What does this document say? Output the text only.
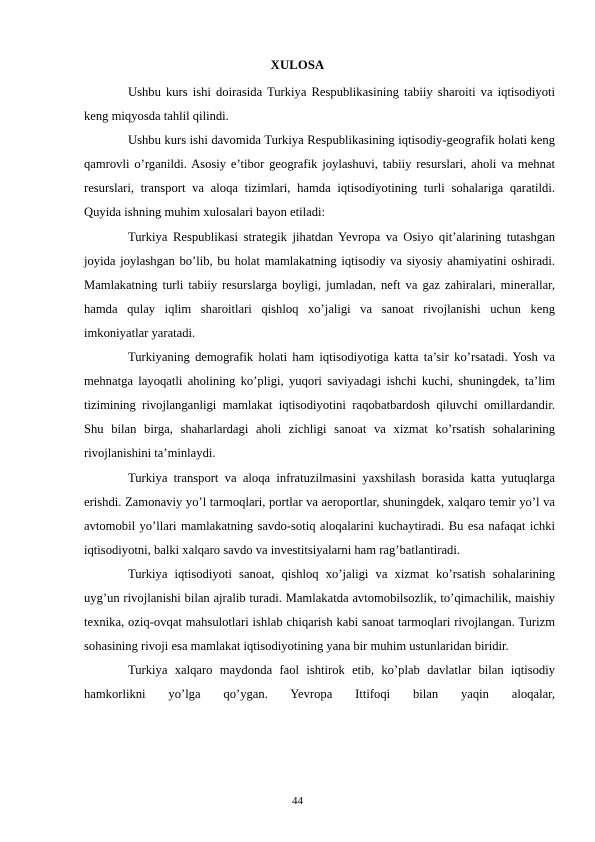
XULOSA

Ushbu kurs ishi doirasida Turkiya Respublikasining tabiiy sharoiti va iqtisodiyoti keng miqyosda tahlil qilindi.

Ushbu kurs ishi davomida Turkiya Respublikasining iqtisodiy-geografik holati keng qamrovli o’rganildi. Asosiy e’tibor geografik joylashuvi, tabiiy resurslari, aholi va mehnat resurslari, transport va aloqa tizimlari, hamda iqtisodiyotining turli sohalariga qaratildi. Quyida ishning muhim xulosalari bayon etiladi:

Turkiya Respublikasi strategik jihatdan Yevropa va Osiyo qit’alarining tutashgan joyida joylashgan bo’lib, bu holat mamlakatning iqtisodiy va siyosiy ahamiyatini oshiradi. Mamlakatning turli tabiiy resurslarga boyligi, jumladan, neft va gaz zahiralari, minerallar, hamda qulay iqlim sharoitlari qishloq xo’jaligi va sanoat rivojlanishi uchun keng imkoniyatlar yaratadi.

Turkiyaning demografik holati ham iqtisodiyotiga katta ta’sir ko’rsatadi. Yosh va mehnatga layoqatli aholining ko’pligi, yuqori saviyadagi ishchi kuchi, shuningdek, ta’lim tizimining rivojlanganligi mamlakat iqtisodiyotini raqobatbardosh qiluvchi omillardandir. Shu bilan birga, shaharlardagi aholi zichligi sanoat va xizmat ko’rsatish sohalarining rivojlanishini ta’minlaydi.

Turkiya transport va aloqa infratuzilmasini yaxshilash borasida katta yutuqlarga erishdi. Zamonaviy yo’l tarmoqlari, portlar va aeroportlar, shuningdek, xalqaro temir yo’l va avtomobil yo’llari mamlakatning savdo-sotiq aloqalarini kuchaytiradi. Bu esa nafaqat ichki iqtisodiyotni, balki xalqaro savdo va investitsiyalarni ham rag’batlantiradi.

Turkiya iqtisodiyoti sanoat, qishloq xo’jaligi va xizmat ko’rsatish sohalarining uyg’un rivojlanishi bilan ajralib turadi. Mamlakatda avtomobilsozlik, to’qimachilik, maishiy texnika, oziq-ovqat mahsulotlari ishlab chiqarish kabi sanoat tarmoqlari rivojlangan. Turizm sohasining rivoji esa mamlakat iqtisodiyotining yana bir muhim ustunlaridan biridir.

Turkiya xalqaro maydonda faol ishtirok etib, ko’plab davlatlar bilan iqtisodiy hamkorlikni yo’lga qo’ygan. Yevropa Ittifoqi bilan yaqin aloqalar,

44
